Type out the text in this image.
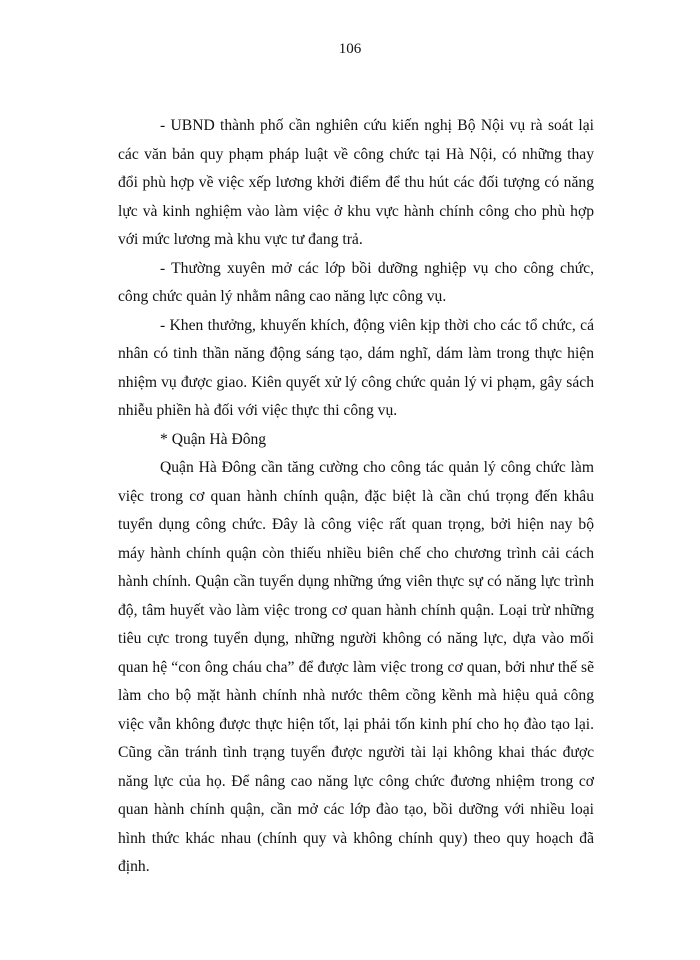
106

- UBND thành phố cần nghiên cứu kiến nghị Bộ Nội vụ rà soát lại các văn bản quy phạm pháp luật về công chức tại Hà Nội, có những thay đổi phù hợp về việc xếp lương khởi điểm để thu hút các đối tượng có năng lực và kinh nghiệm vào làm việc ở khu vực hành chính công cho phù hợp với mức lương mà khu vực tư đang trả.

- Thường xuyên mở các lớp bồi dưỡng nghiệp vụ cho công chức, công chức quản lý nhằm nâng cao năng lực công vụ.

- Khen thưởng, khuyến khích, động viên kịp thời cho các tổ chức, cá nhân có tinh thần năng động sáng tạo, dám nghĩ, dám làm trong thực hiện nhiệm vụ được giao. Kiên quyết xử lý công chức quản lý vi phạm, gây sách nhiễu phiền hà đối với việc thực thi công vụ.

* Quận Hà Đông

Quận Hà Đông cần tăng cường cho công tác quản lý công chức làm việc trong cơ quan hành chính quận, đặc biệt là cần chú trọng đến khâu tuyển dụng công chức. Đây là công việc rất quan trọng, bởi hiện nay bộ máy hành chính quận còn thiếu nhiều biên chế cho chương trình cải cách hành chính. Quận cần tuyển dụng những ứng viên thực sự có năng lực trình độ, tâm huyết vào làm việc trong cơ quan hành chính quận. Loại trừ những tiêu cực trong tuyển dụng, những người không có năng lực, dựa vào mối quan hệ “con ông cháu cha” để được làm việc trong cơ quan, bởi như thế sẽ làm cho bộ mặt hành chính nhà nước thêm cồng kềnh mà hiệu quả công việc vẫn không được thực hiện tốt, lại phải tốn kinh phí cho họ đào tạo lại. Cũng cần tránh tình trạng tuyển được người tài lại không khai thác được năng lực của họ. Để nâng cao năng lực công chức đương nhiệm trong cơ quan hành chính quận, cần mở các lớp đào tạo, bồi dưỡng với nhiều loại hình thức khác nhau (chính quy và không chính quy) theo quy hoạch đã định.
